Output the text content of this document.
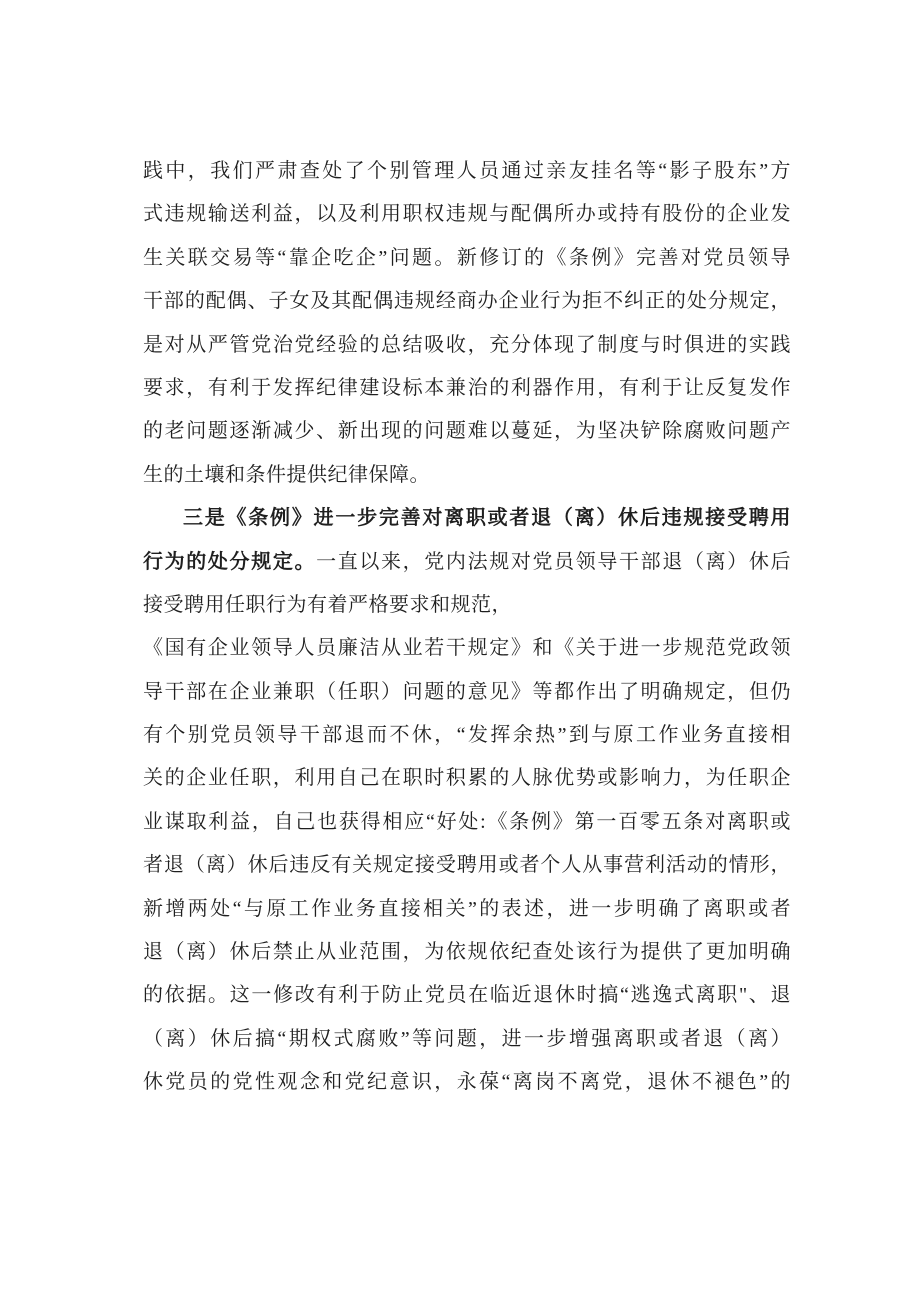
践中，我们严肃查处了个别管理人员通过亲友挂名等“影子股东”方
式违规输送利益，以及利用职权违规与配偶所办或持有股份的企业发
生关联交易等“靠企吃企”问题。新修订的《条例》完善对党员领导
干部的配偶、子女及其配偶违规经商办企业行为拒不纠正的处分规定，
是对从严管党治党经验的总结吸收，充分体现了制度与时俱进的实践
要求，有利于发挥纪律建设标本兼治的利器作用，有利于让反复发作
的老问题逐渐减少、新出现的问题难以蔓延，为坚决铲除腐败问题产
生的土壤和条件提供纪律保障。
三是《条例》进一步完善对离职或者退（离）休后违规接受聘用
行为的处分规定。一直以来，党内法规对党员领导干部退（离）休后
接受聘用任职行为有着严格要求和规范，
《国有企业领导人员廉洁从业若干规定》和《关于进一步规范党政领
导干部在企业兼职（任职）问题的意见》等都作出了明确规定，但仍
有个别党员领导干部退而不休，“发挥余热”到与原工作业务直接相
关的企业任职，利用自己在职时积累的人脉优势或影响力，为任职企
业谋取利益，自己也获得相应“好处:《条例》第一百零五条对离职或
者退（离）休后违反有关规定接受聘用或者个人从事营利活动的情形，
新增两处“与原工作业务直接相关”的表述，进一步明确了离职或者
退（离）休后禁止从业范围，为依规依纪查处该行为提供了更加明确
的依据。这一修改有利于防止党员在临近退休时搞“逃逸式离职"、退
（离）休后搞“期权式腐败”等问题，进一步增强离职或者退（离）
休党员的党性观念和党纪意识，永葆“离岗不离党，退休不褪色”的
